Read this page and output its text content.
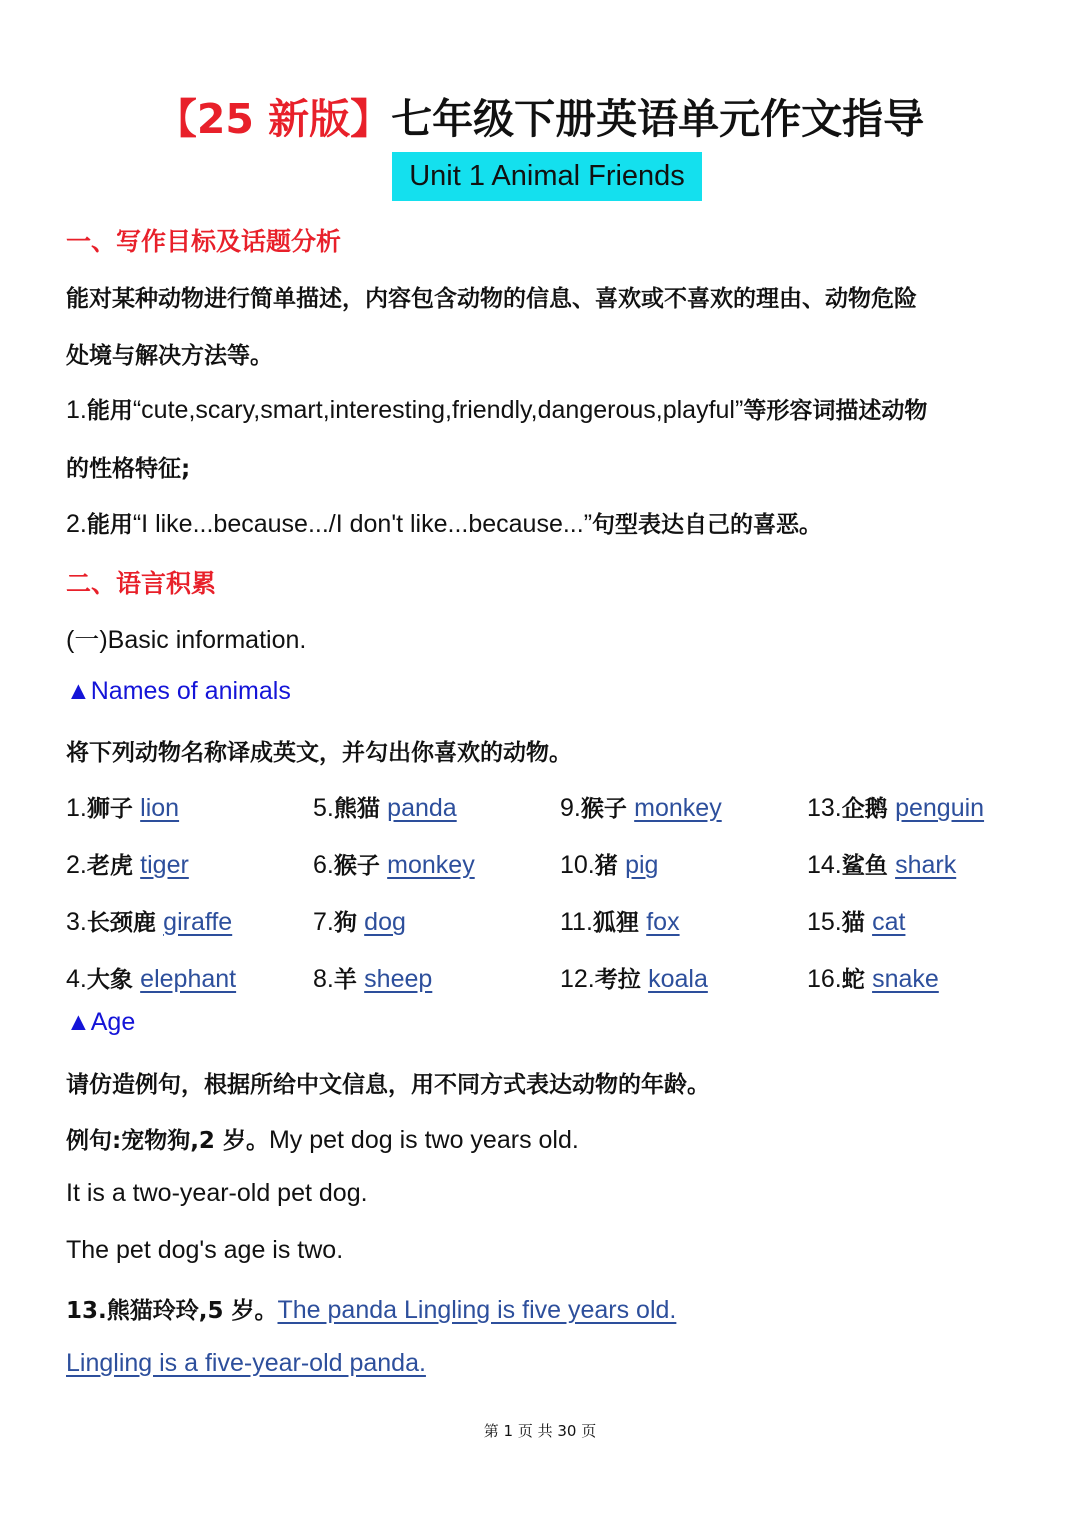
【25 新版】七年级下册英语单元作文指导
Unit 1 Animal Friends
一、写作目标及话题分析
能对某种动物进行简单描述，内容包含动物的信息、喜欢或不喜欢的理由、动物危险
处境与解决方法等。
1.能用“cute,scary,smart,interesting,friendly,dangerous,playful”等形容词描述动物
的性格特征;
2.能用“I like...because.../I don't like...because...”句型表达自己的喜恶。
二、语言积累
(一)Basic information.
▲Names of animals
将下列动物名称译成英文，并勾出你喜欢的动物。
1.狮子 lion
2.老虎 tiger
3.长颈鹿 giraffe
4.大象 elephant
5.熊猫 panda
6.猴子 monkey
7.狗 dog
8.羊 sheep
9.猴子 monkey
10.猪 pig
11.狐狸 fox
12.考拉 koala
13.企鹅 penguin
14.鲨鱼 shark
15.猫 cat
16.蛇 snake
▲Age
请仿造例句，根据所给中文信息，用不同方式表达动物的年龄。
例句:宠物狗,2 岁。My pet dog is two years old.
It is a two-year-old pet dog.
The pet dog's age is two.
13.熊猫玲玲,5 岁。The panda Lingling is five years old.
Lingling is a five-year-old panda.
第 1 页 共 30 页
